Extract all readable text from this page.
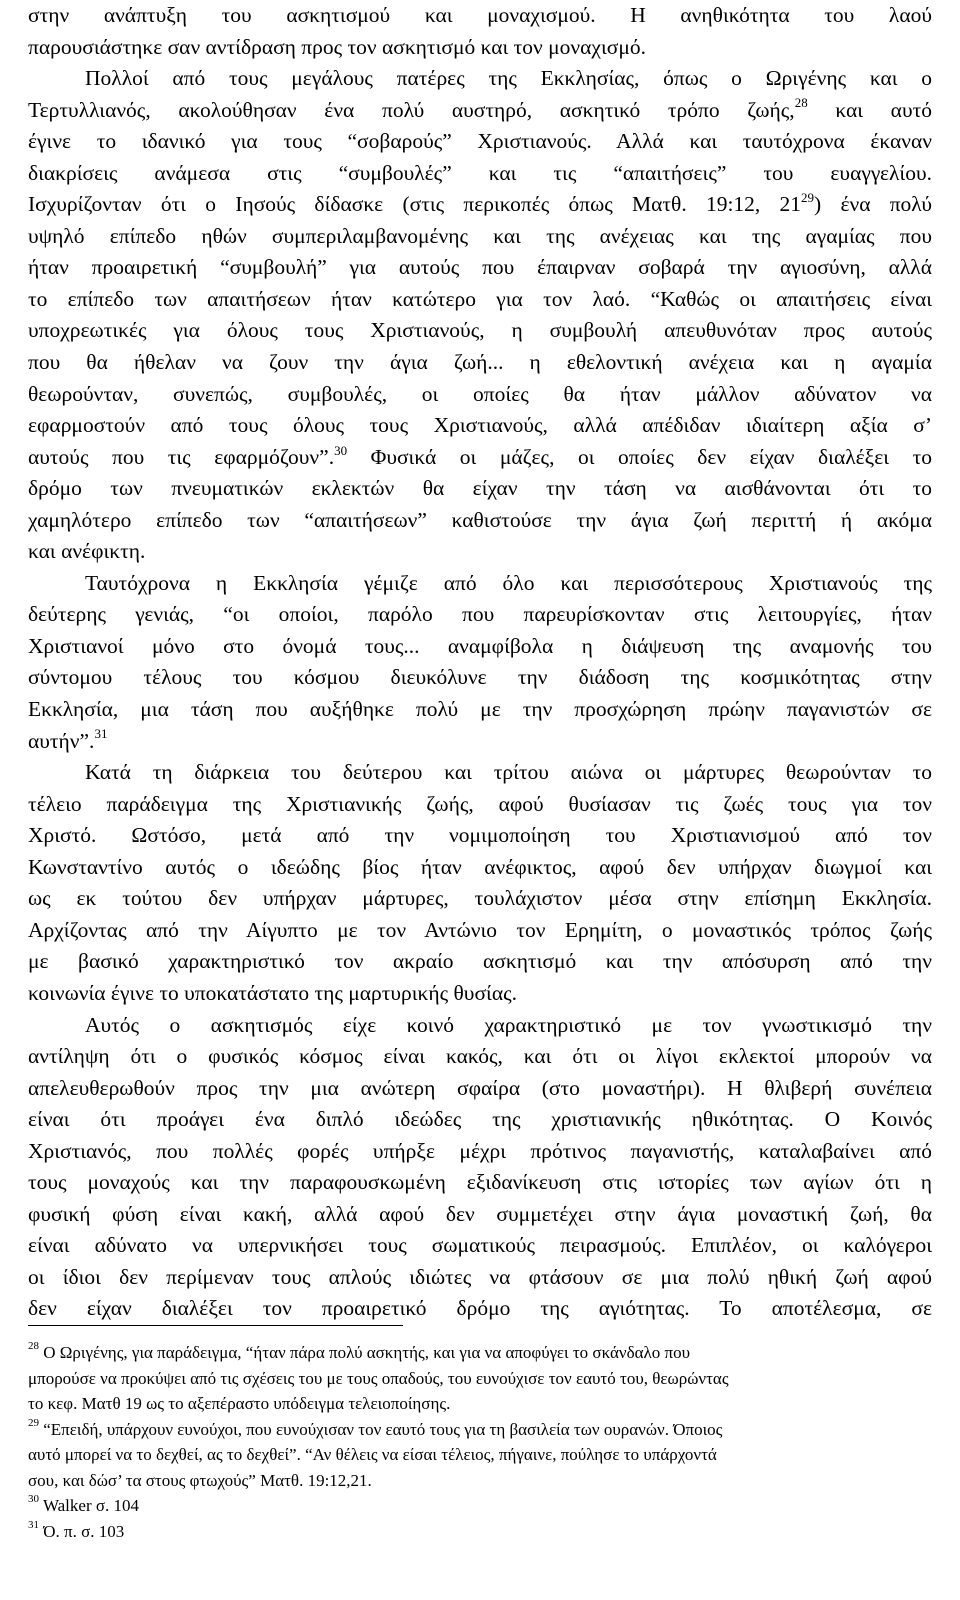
στην ανάπτυξη του ασκητισμού και μοναχισμού. Η ανηθικότητα του λαού
παρουσιάστηκε σαν αντίδραση προς τον ασκητισμό και τον μοναχισμό.

Πολλοί από τους μεγάλους πατέρες της Εκκλησίας, όπως ο Ωριγένης και ο
Τερτυλλιανός, ακολούθησαν ένα πολύ αυστηρό, ασκητικό τρόπο ζωής,$^{28}$ και αυτό
έγινε το ιδανικό για τους “σοβαρούς” Χριστιανούς. Αλλά και ταυτόχρονα έκαναν
διακρίσεις ανάμεσα στις “συμβουλές” και τις “απαιτήσεις” του ευαγγελίου.
Ισχυρίζονταν ότι ο Ιησούς δίδασκε (στις περικοπές όπως Ματθ. 19:12, $21^{29}$) ένα πολύ
υψηλό επίπεδο ηθών συμπεριλαμβανομένης και της ανέχειας και της αγαμίας που
ήταν προαιρετική “συμβουλή” για αυτούς που έπαιρναν σοβαρά την αγιοσύνη, αλλά
το επίπεδο των απαιτήσεων ήταν κατώτερο για τον λαό. “Καθώς οι απαιτήσεις είναι
υποχρεωτικές για όλους τους Χριστιανούς, η συμβουλή απευθυνόταν προς αυτούς
που θα ήθελαν να ζουν την άγια ζωή... η εθελοντική ανέχεια και η αγαμία
θεωρούνταν, συνεπώς, συμβουλές, οι οποίες θα ήταν μάλλον αδύνατον να
εφαρμοστούν από τους όλους τους Χριστιανούς, αλλά απέδιδαν ιδιαίτερη αξία σ’
αυτούς που τις εφαρμόζουν”.$^{30}$ Φυσικά οι μάζες, οι οποίες δεν είχαν διαλέξει το
δρόμο των πνευματικών εκλεκτών θα είχαν την τάση να αισθάνονται ότι το
χαμηλότερο επίπεδο των “απαιτήσεων” καθιστούσε την άγια ζωή περιττή ή ακόμα
και ανέφικτη.

Ταυτόχρονα η Εκκλησία γέμιζε από όλο και περισσότερους Χριστιανούς της
δεύτερης γενιάς, “οι οποίοι, παρόλο που παρευρίσκονταν στις λειτουργίες, ήταν
Χριστιανοί μόνο στο όνομά τους... αναμφίβολα η διάψευση της αναμονής του
σύντομου τέλους του κόσμου διευκόλυνε την διάδοση της κοσμικότητας στην
Εκκλησία, μια τάση που αυξήθηκε πολύ με την προσχώρηση πρώην παγανιστών σε
αυτήν”.$^{31}$

Κατά τη διάρκεια του δεύτερου και τρίτου αιώνα οι μάρτυρες θεωρούνταν το
τέλειο παράδειγμα της Χριστιανικής ζωής, αφού θυσίασαν τις ζωές τους για τον
Χριστό. Ωστόσο, μετά από την νομιμοποίηση του Χριστιανισμού από τον
Κωνσταντίνο αυτός ο ιδεώδης βίος ήταν ανέφικτος, αφού δεν υπήρχαν διωγμοί και
ως εκ τούτου δεν υπήρχαν μάρτυρες, τουλάχιστον μέσα στην επίσημη Εκκλησία.
Αρχίζοντας από την Αίγυπτο με τον Αντώνιο τον Ερημίτη, ο μοναστικός τρόπος ζωής
με βασικό χαρακτηριστικό τον ακραίο ασκητισμό και την απόσυρση από την
κοινωνία έγινε το υποκατάστατο της μαρτυρικής θυσίας.

Αυτός ο ασκητισμός είχε κοινό χαρακτηριστικό με τον γνωστικισμό την
αντίληψη ότι ο φυσικός κόσμος είναι κακός, και ότι οι λίγοι εκλεκτοί μπορούν να
απελευθερωθούν προς την μια ανώτερη σφαίρα (στο μοναστήρι). Η θλιβερή συνέπεια
είναι ότι προάγει ένα διπλό ιδεώδες της χριστιανικής ηθικότητας. Ο Κοινός
Χριστιανός, που πολλές φορές υπήρξε μέχρι πρότινος παγανιστής, καταλαβαίνει από
τους μοναχούς και την παραφουσκωμένη εξιδανίκευση στις ιστορίες των αγίων ότι η
φυσική φύση είναι κακή, αλλά αφού δεν συμμετέχει στην άγια μοναστική ζωή, θα
είναι αδύνατο να υπερνικήσει τους σωματικούς πειρασμούς. Επιπλέον, οι καλόγεροι
οι ίδιοι δεν περίμεναν τους απλούς ιδιώτες να φτάσουν σε μια πολύ ηθική ζωή αφού
δεν είχαν διαλέξει τον προαιρετικό δρόμο της αγιότητας. Το αποτέλεσμα, σε

$^{28}$ Ο Ωριγένης, για παράδειγμα, “ήταν πάρα πολύ ασκητής, και για να αποφύγει το σκάνδαλο που
μπορούσε να προκύψει από τις σχέσεις του με τους οπαδούς, του ευνούχισε τον εαυτό του, θεωρώντας
το κεφ. Ματθ 19 ως το αξεπέραστο υπόδειγμα τελειοποίησης.

$^{29}$ “Επειδή, υπάρχουν ευνούχοι, που ευνούχισαν τον εαυτό τους για τη βασιλεία των ουρανών. Όποιος
αυτό μπορεί να το δεχθεί, ας το δεχθεί”. “Αν θέλεις να είσαι τέλειος, πήγαινε, πούλησε το υπάρχοντά
σου, και δώσ’ τα στους φτωχούς” Ματθ. 19:12,21.

$^{30}$ Walker σ. 104

$^{31}$ Ό. π. σ. 103
